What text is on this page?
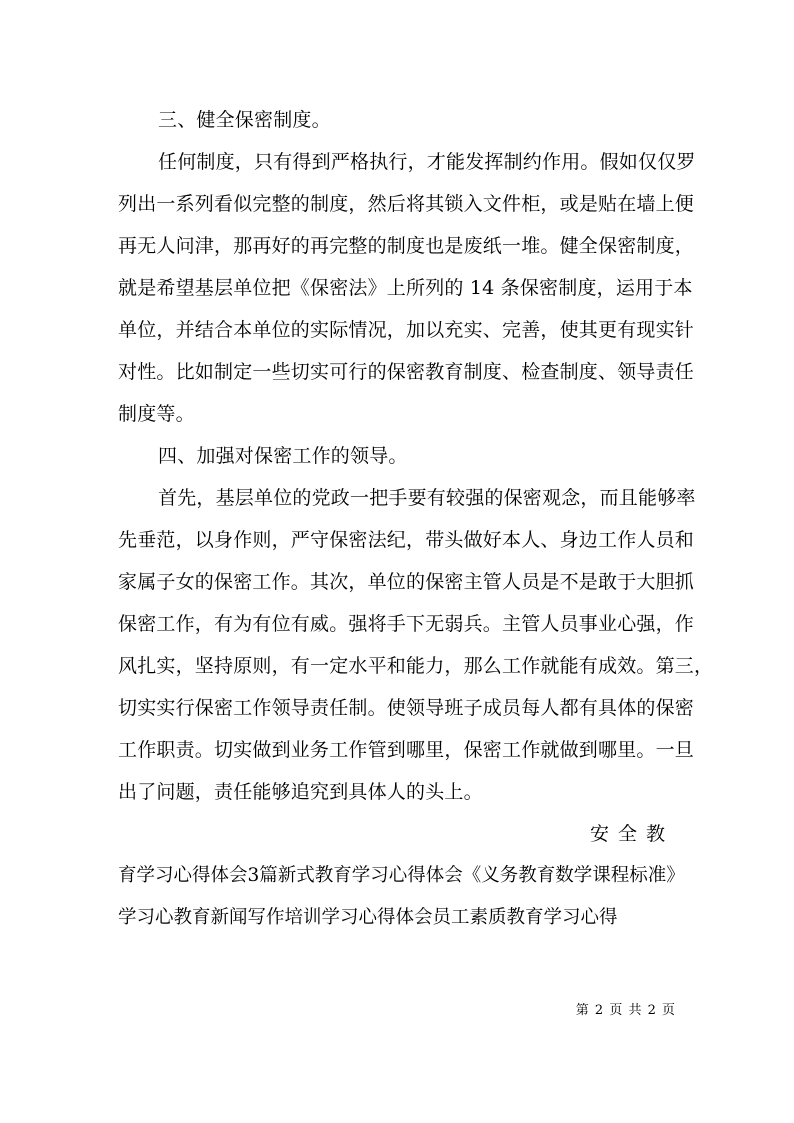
三、健全保密制度。
任何制度，只有得到严格执行，才能发挥制约作用。假如仅仅罗
列出一系列看似完整的制度，然后将其锁入文件柜，或是贴在墙上便
再无人问津，那再好的再完整的制度也是废纸一堆。健全保密制度，
就是希望基层单位把《保密法》上所列的 14 条保密制度，运用于本
单位，并结合本单位的实际情况，加以充实、完善，使其更有现实针
对性。比如制定一些切实可行的保密教育制度、检查制度、领导责任
制度等。
四、加强对保密工作的领导。
首先，基层单位的党政一把手要有较强的保密观念，而且能够率
先垂范，以身作则，严守保密法纪，带头做好本人、身边工作人员和
家属子女的保密工作。其次，单位的保密主管人员是不是敢于大胆抓
保密工作，有为有位有威。强将手下无弱兵。主管人员事业心强，作
风扎实，坚持原则，有一定水平和能力，那么工作就能有成效。第三，
切实实行保密工作领导责任制。使领导班子成员每人都有具体的保密
工作职责。切实做到业务工作管到哪里，保密工作就做到哪里。一旦
出了问题，责任能够追究到具体人的头上。
安全教
育学习心得体会3篇新式教育学习心得体会《义务教育数学课程标准》
学习心教育新闻写作培训学习心得体会员工素质教育学习心得
第 2 页 共 2 页
